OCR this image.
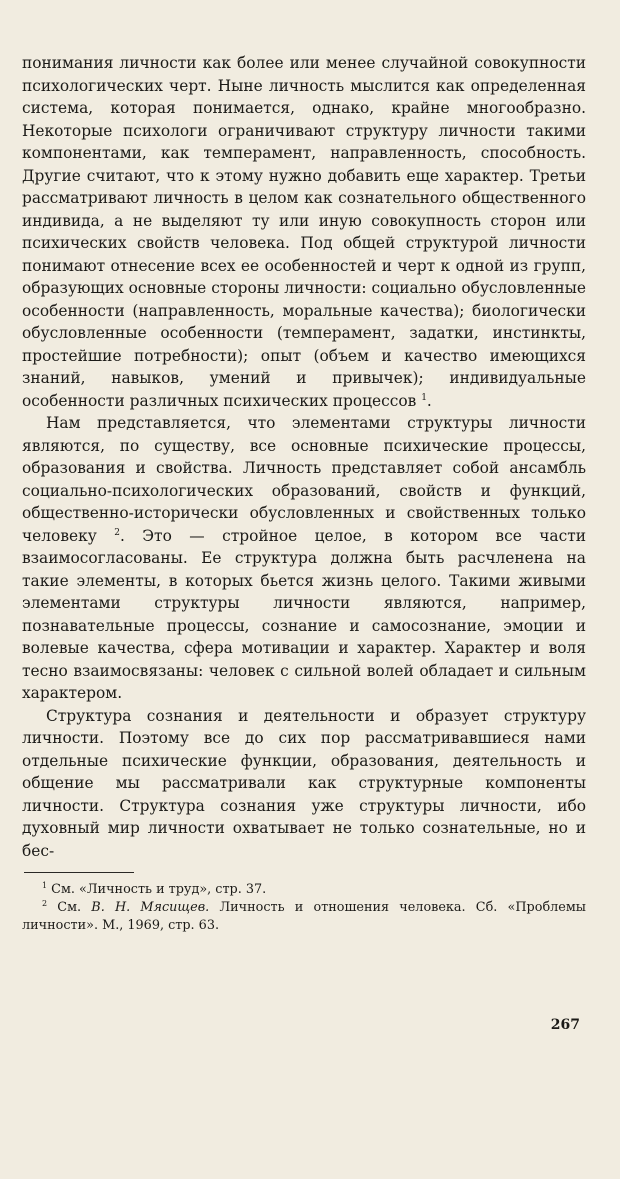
понимания личности как более или менее случайной совокупности психологических черт. Ныне личность мыслится как определенная система, которая понимается, однако, крайне многообразно. Некоторые психологи ограничивают структуру личности такими компонентами, как темперамент, направленность, способность. Другие считают, что к этому нужно добавить еще характер. Третьи рассматривают личность в целом как сознательного общественного индивида, а не выделяют ту или иную совокупность сторон или психических свойств человека. Под общей структурой личности понимают отнесение всех ее особенностей и черт к одной из групп, образующих основные стороны личности: социально обусловленные особенности (направленность, моральные качества); биологически обусловленные особенности (темперамент, задатки, инстинкты, простейшие потребности); опыт (объем и качество имеющихся знаний, навыков, умений и привычек); индивидуальные особенности различных психических процессов $^1$.

Нам представляется, что элементами структуры личности являются, по существу, все основные психические процессы, образования и свойства. Личность представляет собой ансамбль социально-психологических образований, свойств и функций, общественно-исторически обусловленных и свойственных только человеку $^2$. Это — стройное целое, в котором все части взаимосогласованы. Ее структура должна быть расчленена на такие элементы, в которых бьется жизнь целого. Такими живыми элементами структуры личности являются, например, познавательные процессы, сознание и самосознание, эмоции и волевые качества, сфера мотивации и характер. Характер и воля тесно взаимосвязаны: человек с сильной волей обладает и сильным характером.

Структура сознания и деятельности и образует структуру личности. Поэтому все до сих пор рассматривавшиеся нами отдельные психические функции, образования, деятельность и общение мы рассматривали как структурные компоненты личности. Структура сознания уже структуры личности, ибо духовный мир личности охватывает не только сознательные, но и бес-

$^1$ См. «Личность и труд», стр. 37.

$^2$ См. В. Н. Мясищев. Личность и отношения человека. Сб. «Проблемы личности». М., 1969, стр. 63.

267
